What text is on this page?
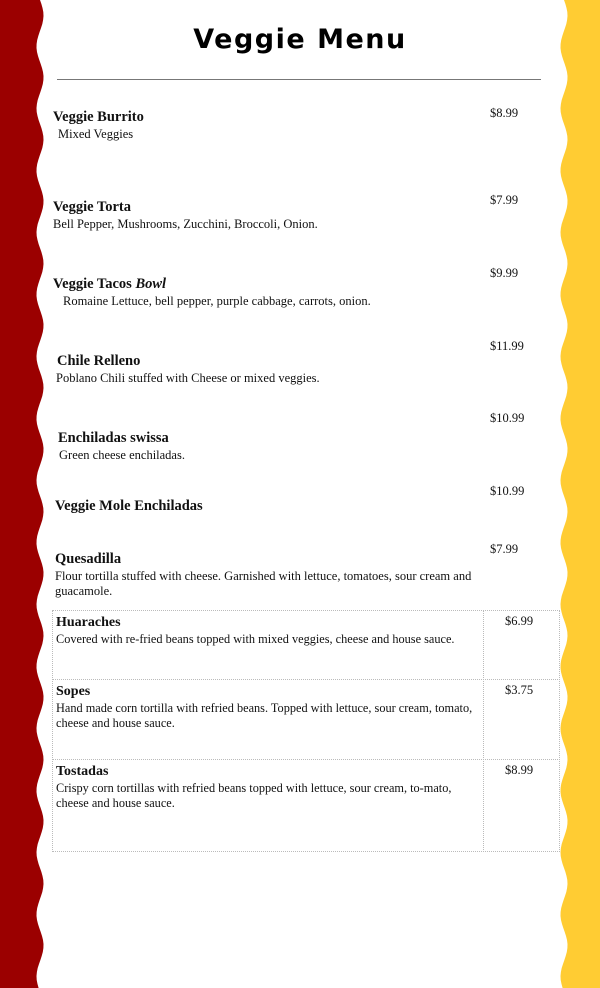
Veggie Menu
Veggie Burrito
Mixed Veggies
$8.99
Veggie Torta
Bell Pepper, Mushrooms, Zucchini, Broccoli, Onion.
$7.99
Veggie Tacos Bowl
Romaine Lettuce, bell pepper, purple cabbage, carrots, onion.
$9.99
Chile Relleno
Poblano Chili stuffed with Cheese or mixed veggies.
$11.99
Enchiladas swissa
Green cheese enchiladas.
$10.99
Veggie Mole Enchiladas
$10.99
Quesadilla
Flour tortilla stuffed with cheese. Garnished with lettuce, tomatoes, sour cream and guacamole.
$7.99
Huaraches
Covered with re-fried beans topped with mixed veggies, cheese and house sauce.
$6.99
Sopes
Hand made corn tortilla with refried beans. Topped with lettuce, sour cream, tomato, cheese and house sauce.
$3.75
Tostadas
Crispy corn tortillas with refried beans topped with lettuce, sour cream, to-mato, cheese and house sauce.
$8.99
